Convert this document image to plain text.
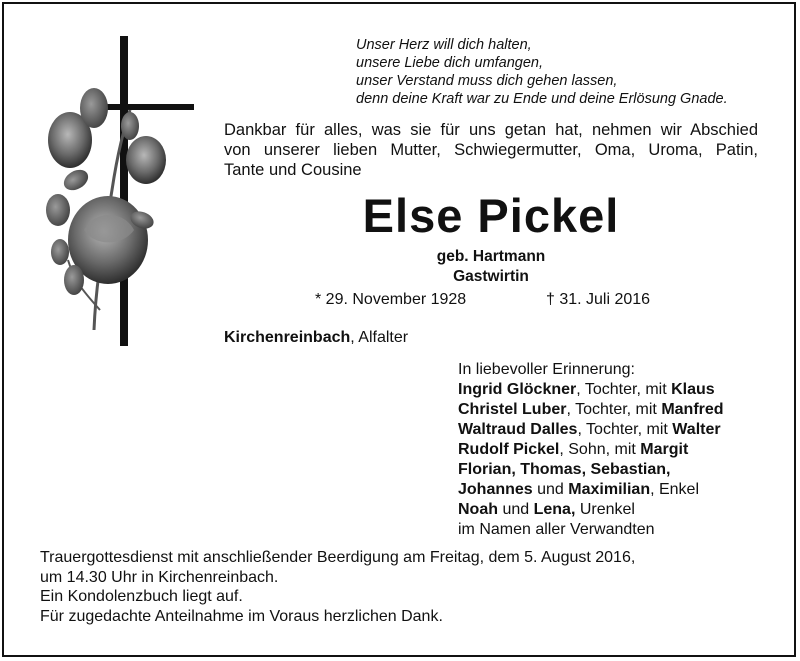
Unser Herz will dich halten,
unsere Liebe dich umfangen,
unser Verstand muss dich gehen lassen,
denn deine Kraft war zu Ende und deine Erlösung Gnade.
Dankbar für alles, was sie für uns getan hat, nehmen wir Abschied
von unserer lieben Mutter, Schwiegermutter, Oma, Uroma, Patin,
Tante und Cousine
Else Pickel
geb. Hartmann
Gastwirtin
* 29. November 1928	† 31. Juli 2016
Kirchenreinbach, Alfalter
In liebevoller Erinnerung:
Ingrid Glöckner, Tochter, mit Klaus
Christel Luber, Tochter, mit Manfred
Waltraud Dalles, Tochter, mit Walter
Rudolf Pickel, Sohn, mit Margit
Florian, Thomas, Sebastian,
Johannes und Maximilian, Enkel
Noah und Lena, Urenkel
im Namen aller Verwandten
Trauergottesdienst mit anschließender Beerdigung am Freitag, dem 5. August 2016,
um 14.30 Uhr in Kirchenreinbach.
Ein Kondolenzbuch liegt auf.
Für zugedachte Anteilnahme im Voraus herzlichen Dank.
